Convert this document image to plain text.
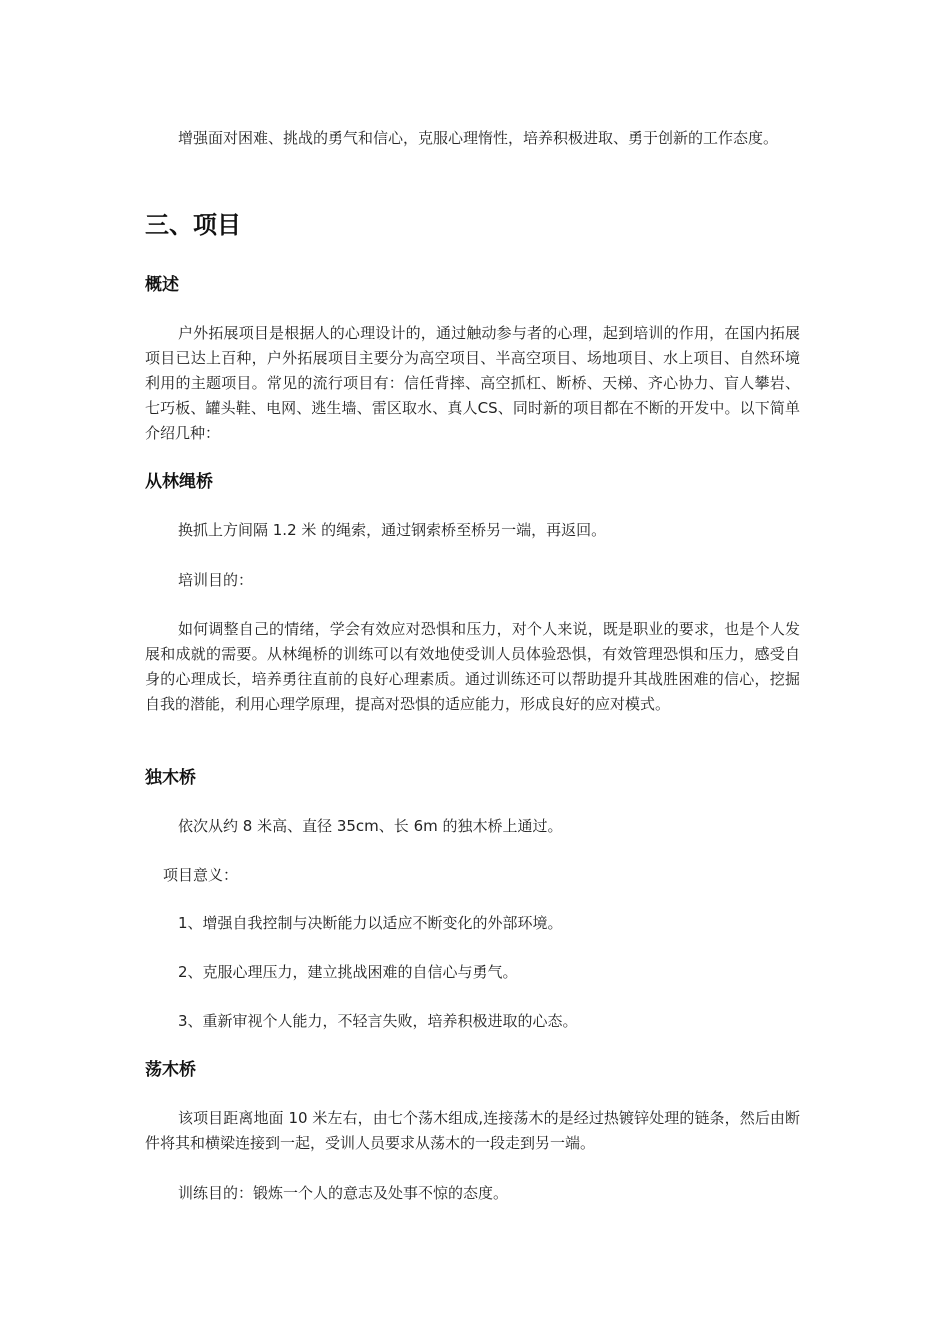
增强面对困难、挑战的勇气和信心，克服心理惰性，培养积极进取、勇于创新的工作态度。

三、项目
概述

户外拓展项目是根据人的心理设计的，通过触动参与者的心理，起到培训的作用，在国内拓展项目已达上百种，户外拓展项目主要分为高空项目、半高空项目、场地项目、水上项目、自然环境利用的主题项目。常见的流行项目有：信任背摔、高空抓杠、断桥、天梯、齐心协力、盲人攀岩、七巧板、罐头鞋、电网、逃生墙、雷区取水、真人CS、同时新的项目都在不断的开发中。以下简单介绍几种：

从林绳桥

换抓上方间隔 1.2 米 的绳索，通过钢索桥至桥另一端，再返回。

培训目的：

如何调整自己的情绪，学会有效应对恐惧和压力，对个人来说，既是职业的要求，也是个人发展和成就的需要。从林绳桥的训练可以有效地使受训人员体验恐惧，有效管理恐惧和压力，感受自身的心理成长，培养勇往直前的良好心理素质。通过训练还可以帮助提升其战胜困难的信心，挖掘自我的潜能，利用心理学原理，提高对恐惧的适应能力，形成良好的应对模式。

独木桥

依次从约 8 米高、直径 35cm、长 6m 的独木桥上通过。

项目意义：

1、增强自我控制与决断能力以适应不断变化的外部环境。

2、克服心理压力，建立挑战困难的自信心与勇气。

3、重新审视个人能力，不轻言失败，培养积极进取的心态。

荡木桥

该项目距离地面 10 米左右，由七个荡木组成,连接荡木的是经过热镀锌处理的链条，然后由断件将其和横梁连接到一起，受训人员要求从荡木的一段走到另一端。

训练目的：锻炼一个人的意志及处事不惊的态度。
